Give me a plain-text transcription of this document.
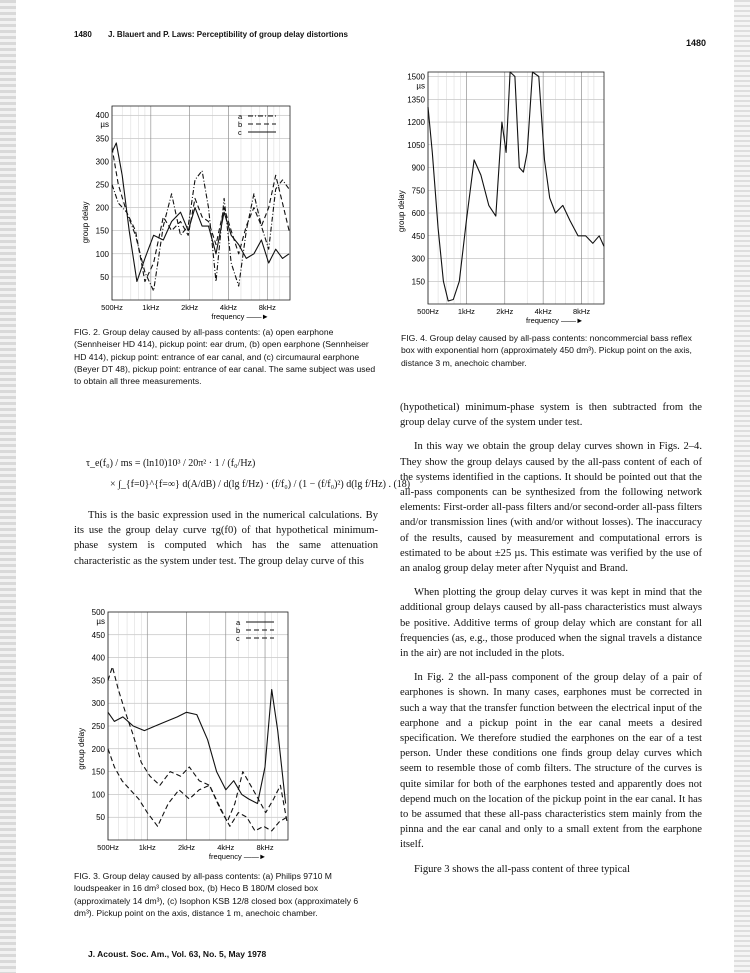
1480 J. Blauert and P. Laws: Perceptibility of group delay distortions
1480
50
100
150
200
250
300
350
400
µs
group delay
500Hz	1kHz	2kHz	4kHz	8kHz
frequency ——►
a
b
c
FIG. 2. Group delay caused by all-pass contents: (a) open earphone (Sennheiser HD 414), pickup point: ear drum, (b) open earphone (Sennheiser HD 414), pickup point: entrance of ear canal, and (c) circumaural earphone (Beyer DT 48), pickup point: entrance of ear canal. The same subject was used to obtain all three measurements.
150
300
450
600
750
900
1050
1200
1350
1500
µs
group delay
500Hz	1kHz	2kHz	4kHz	8kHz
frequency ——►
FIG. 4. Group delay caused by all-pass contents: noncommercial bass reflex box with exponential horn (approximately 450 dm³). Pickup point on the axis, distance 3 m, anechoic chamber.
τ_e(f₀) / ms = (ln10)10³ / 20π² · 1 / (f₀/Hz)
× ∫_{f=0}^{f=∞} d(A/dB) / d(lg f/Hz) · (f/f₀) / (1 − (f/f₀)²) d(lg f/Hz) . (18)

This is the basic expression used in the numerical calculations. By its use the group delay curve τg(f0) of that hypothetical minimum-phase system is computed which has the same attenuation characteristic as the system under test. The group delay curve of this

50
100
150
200
250
300
350
400
450
500
µs
group delay
500Hz	1kHz	2kHz	4kHz	8kHz
frequency ——►
a
b
c
FIG. 3. Group delay caused by all-pass contents: (a) Philips 9710 M loudspeaker in 16 dm³ closed box, (b) Heco B 180/M closed box (approximately 14 dm³), (c) Isophon KSB 12/8 closed box (approximately 6 dm³). Pickup point on the axis, distance 1 m, anechoic chamber.

(hypothetical) minimum-phase system is then subtracted from the group delay curve of the system under test.

In this way we obtain the group delay curves shown in Figs. 2–4. They show the group delays caused by the all-pass content of each of the systems identified in the captions. It should be pointed out that the all-pass components can be synthesized from the following network elements: First-order all-pass filters and/or second-order all-pass filters and/or transmission lines (with and/or without losses). The inaccuracy of the results, caused by measurement and computational errors is estimated to be about ±25 µs. This estimate was verified by the use of an analog group delay meter after Nyquist and Brand.

When plotting the group delay curves it was kept in mind that the additional group delays caused by all-pass characteristics must always be positive. Additive terms of group delay which are constant for all frequencies (as, e.g., those produced when the signal travels a distance in the air) are not included in the plots.

In Fig. 2 the all-pass component of the group delay of a pair of earphones is shown. In many cases, earphones must be corrected in such a way that the transfer function between the electrical input of the earphone and a pickup point in the ear canal meets a desired specification. We therefore studied the earphones on the ear of a test person. Under these conditions one finds group delay curves which seem to resemble those of comb filters. The structure of the curves is quite similar for both of the earphones tested and apparently does not depend much on the location of the pickup point in the ear canal. It has to be assumed that these all-pass characteristics stem mainly from the pinna and the ear canal and only to a small extent from the earphone itself.

Figure 3 shows the all-pass content of three typical

J. Acoust. Soc. Am., Vol. 63, No. 5, May 1978
